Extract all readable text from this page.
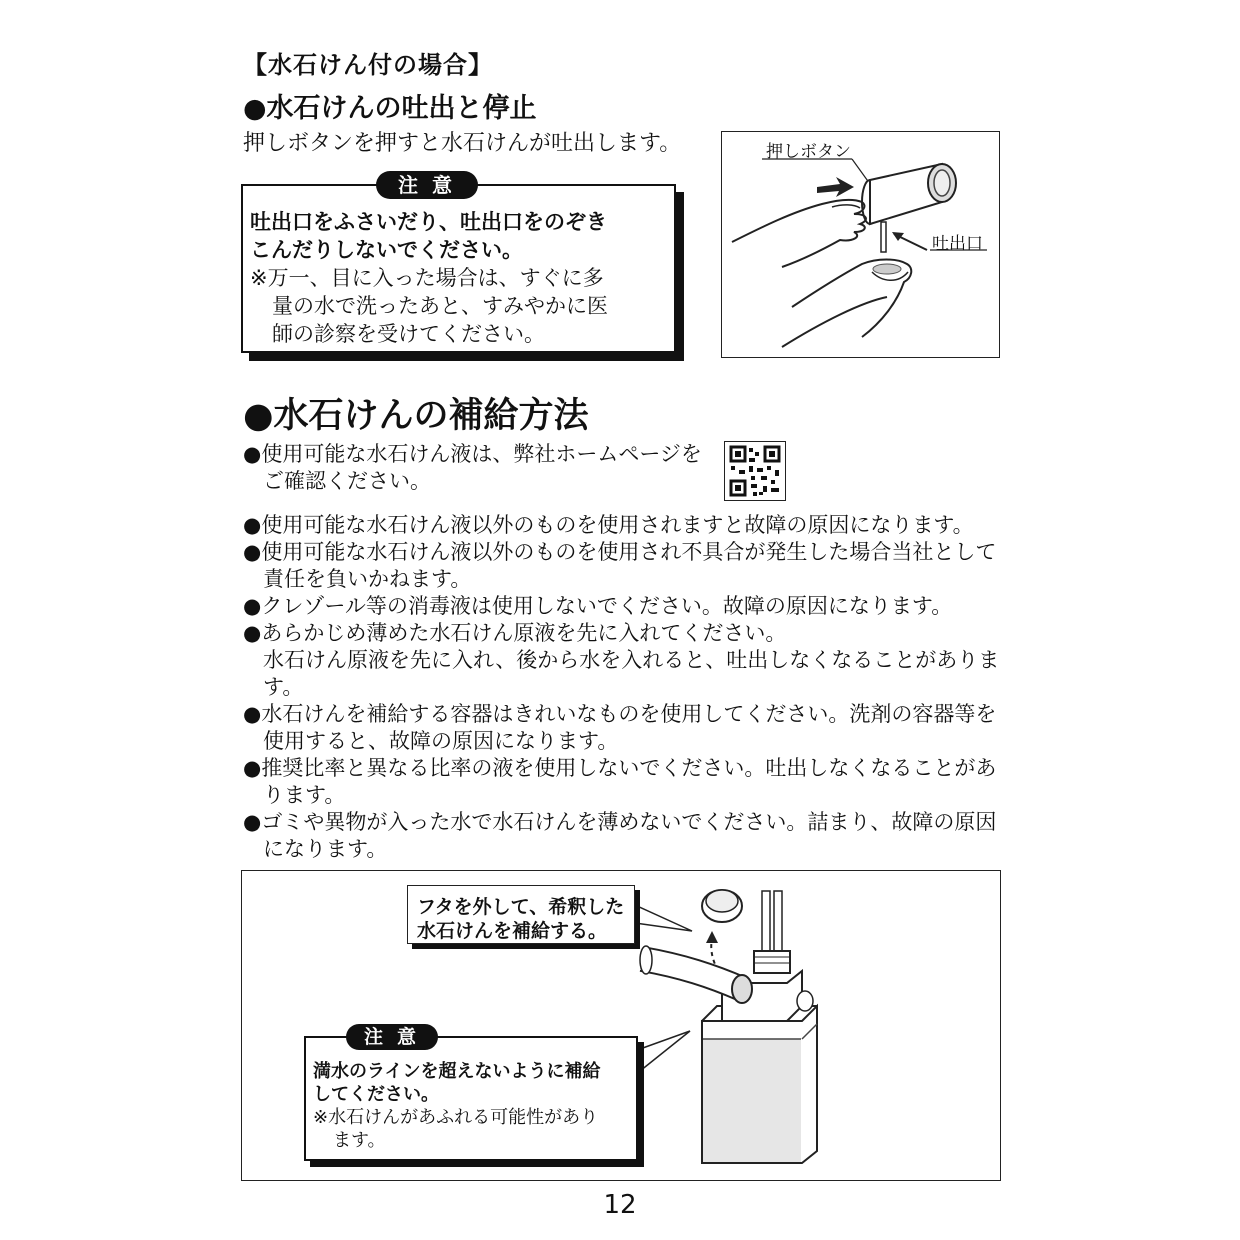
【水石けん付の場合】
●水石けんの吐出と停止
押しボタンを押すと水石けんが吐出します。
注意
吐出口をふさいだり、吐出口をのぞき
こんだりしないでください。
※万一、目に入った場合は、すぐに多
量の水で洗ったあと、すみやかに医
師の診察を受けてください。
押しボタン
吐出口
●水石けんの補給方法
●使用可能な水石けん液は、弊社ホームページを
ご確認ください。
●使用可能な水石けん液以外のものを使用されますと故障の原因になります。
●使用可能な水石けん液以外のものを使用され不具合が発生した場合当社として
責任を負いかねます。
●クレゾール等の消毒液は使用しないでください。故障の原因になります。
●あらかじめ薄めた水石けん原液を先に入れてください。
水石けん原液を先に入れ、後から水を入れると、吐出しなくなることがありま
す。
●水石けんを補給する容器はきれいなものを使用してください。洗剤の容器等を
使用すると、故障の原因になります。
●推奨比率と異なる比率の液を使用しないでください。吐出しなくなることがあ
ります。
●ゴミや異物が入った水で水石けんを薄めないでください。詰まり、故障の原因
になります。
フタを外して、希釈した
水石けんを補給する。
注意
満水のラインを超えないように補給
してください。
※水石けんがあふれる可能性があり
ます。
12
